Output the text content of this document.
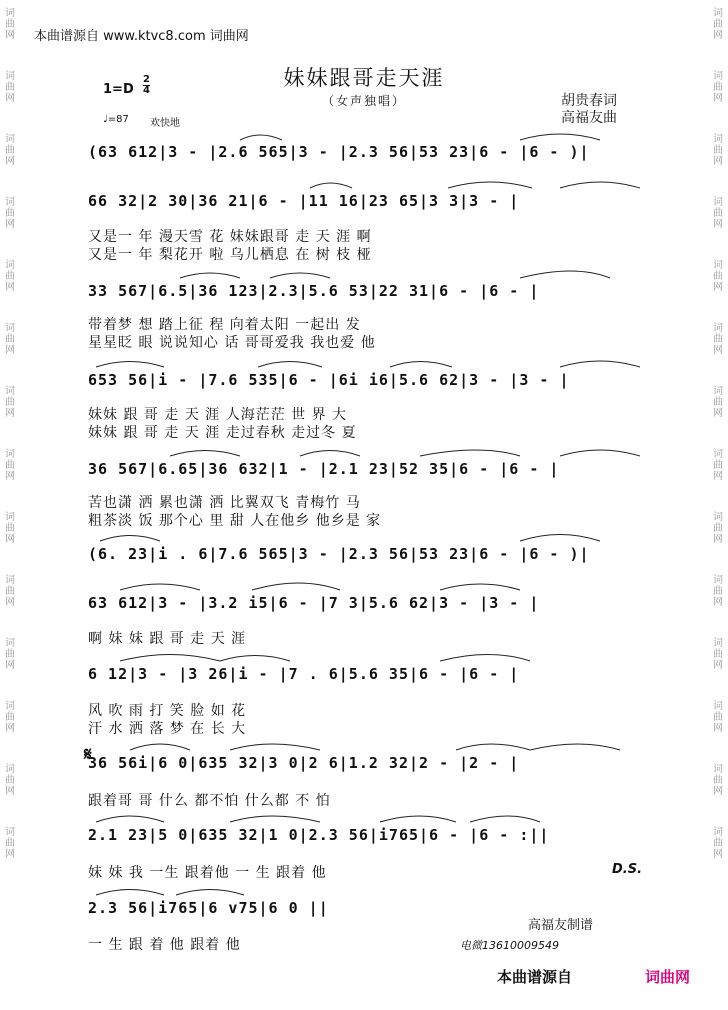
词曲网
词曲网
词曲网
词曲网
词曲网
词曲网
词曲网
词曲网
词曲网
词曲网
词曲网
词曲网
词曲网
词曲网
词曲网
词曲网
词曲网
词曲网
词曲网
词曲网
词曲网
词曲网
词曲网
词曲网
词曲网
词曲网
词曲网
词曲网
本曲谱源自 www.ktvc8.com 词曲网
妹妹跟哥走天涯
（女声独唱）
1=D
2
4
♩=87 欢快地
胡贵春词
高福友曲
𝄋
(63 612|3 - |2.6 565|3 - |2.3 56|53 23|6 - |6 - )|
66 32|2 30|36 21|6 - |11 16|23 65|3 3|3 - |
又是一 年 漫天雪 花 妹妹跟哥 走 天 涯 啊
又是一 年 梨花开 啦 乌儿栖息 在 树 枝 桠
33 567|6.5|36 123|2.3|5.6 53|22 31|6 - |6 - |
带着梦 想 踏上征 程 向着太阳 一起出 发
星星眨 眼 说说知心 话 哥哥爱我 我也爱 他
653 56|i - |7.6 535|6 - |6i i6|5.6 62|3 - |3 - |
妹妹 跟 哥 走 天 涯 人海茫茫 世 界 大
妹妹 跟 哥 走 天 涯 走过春秋 走过冬 夏
36 567|6.65|36 632|1 - |2.1 23|52 35|6 - |6 - |
苦也潇 洒 累也潇 洒 比翼双飞 青梅竹 马
粗茶淡 饭 那个心 里 甜 人在他乡 他乡是 家
(6. 23|i . 6|7.6 565|3 - |2.3 56|53 23|6 - |6 - )|
63 612|3 - |3.2 i5|6 - |7 3|5.6 62|3 - |3 - |
啊 妹 妹 跟 哥 走 天 涯
6 12|3 - |3 26|i - |7 . 6|5.6 35|6 - |6 - |
风 吹 雨 打 笑 脸 如 花
汗 水 洒 落 梦 在 长 大
36 56i|6 0|635 32|3 0|2 6|1.2 32|2 - |2 - |
跟着哥 哥 什么 都不怕 什么都 不 怕
2.1 23|5 0|635 32|1 0|2.3 56|i765|6 - |6 - :||
妹 妹 我 一生 跟着他 一 生 跟着 他	D.S.
2.3 56|i765|6 v75|6 0 ||
一 生 跟 着 他 跟着 他
高福友制谱
电微13610009549
本曲谱源自	词曲网
